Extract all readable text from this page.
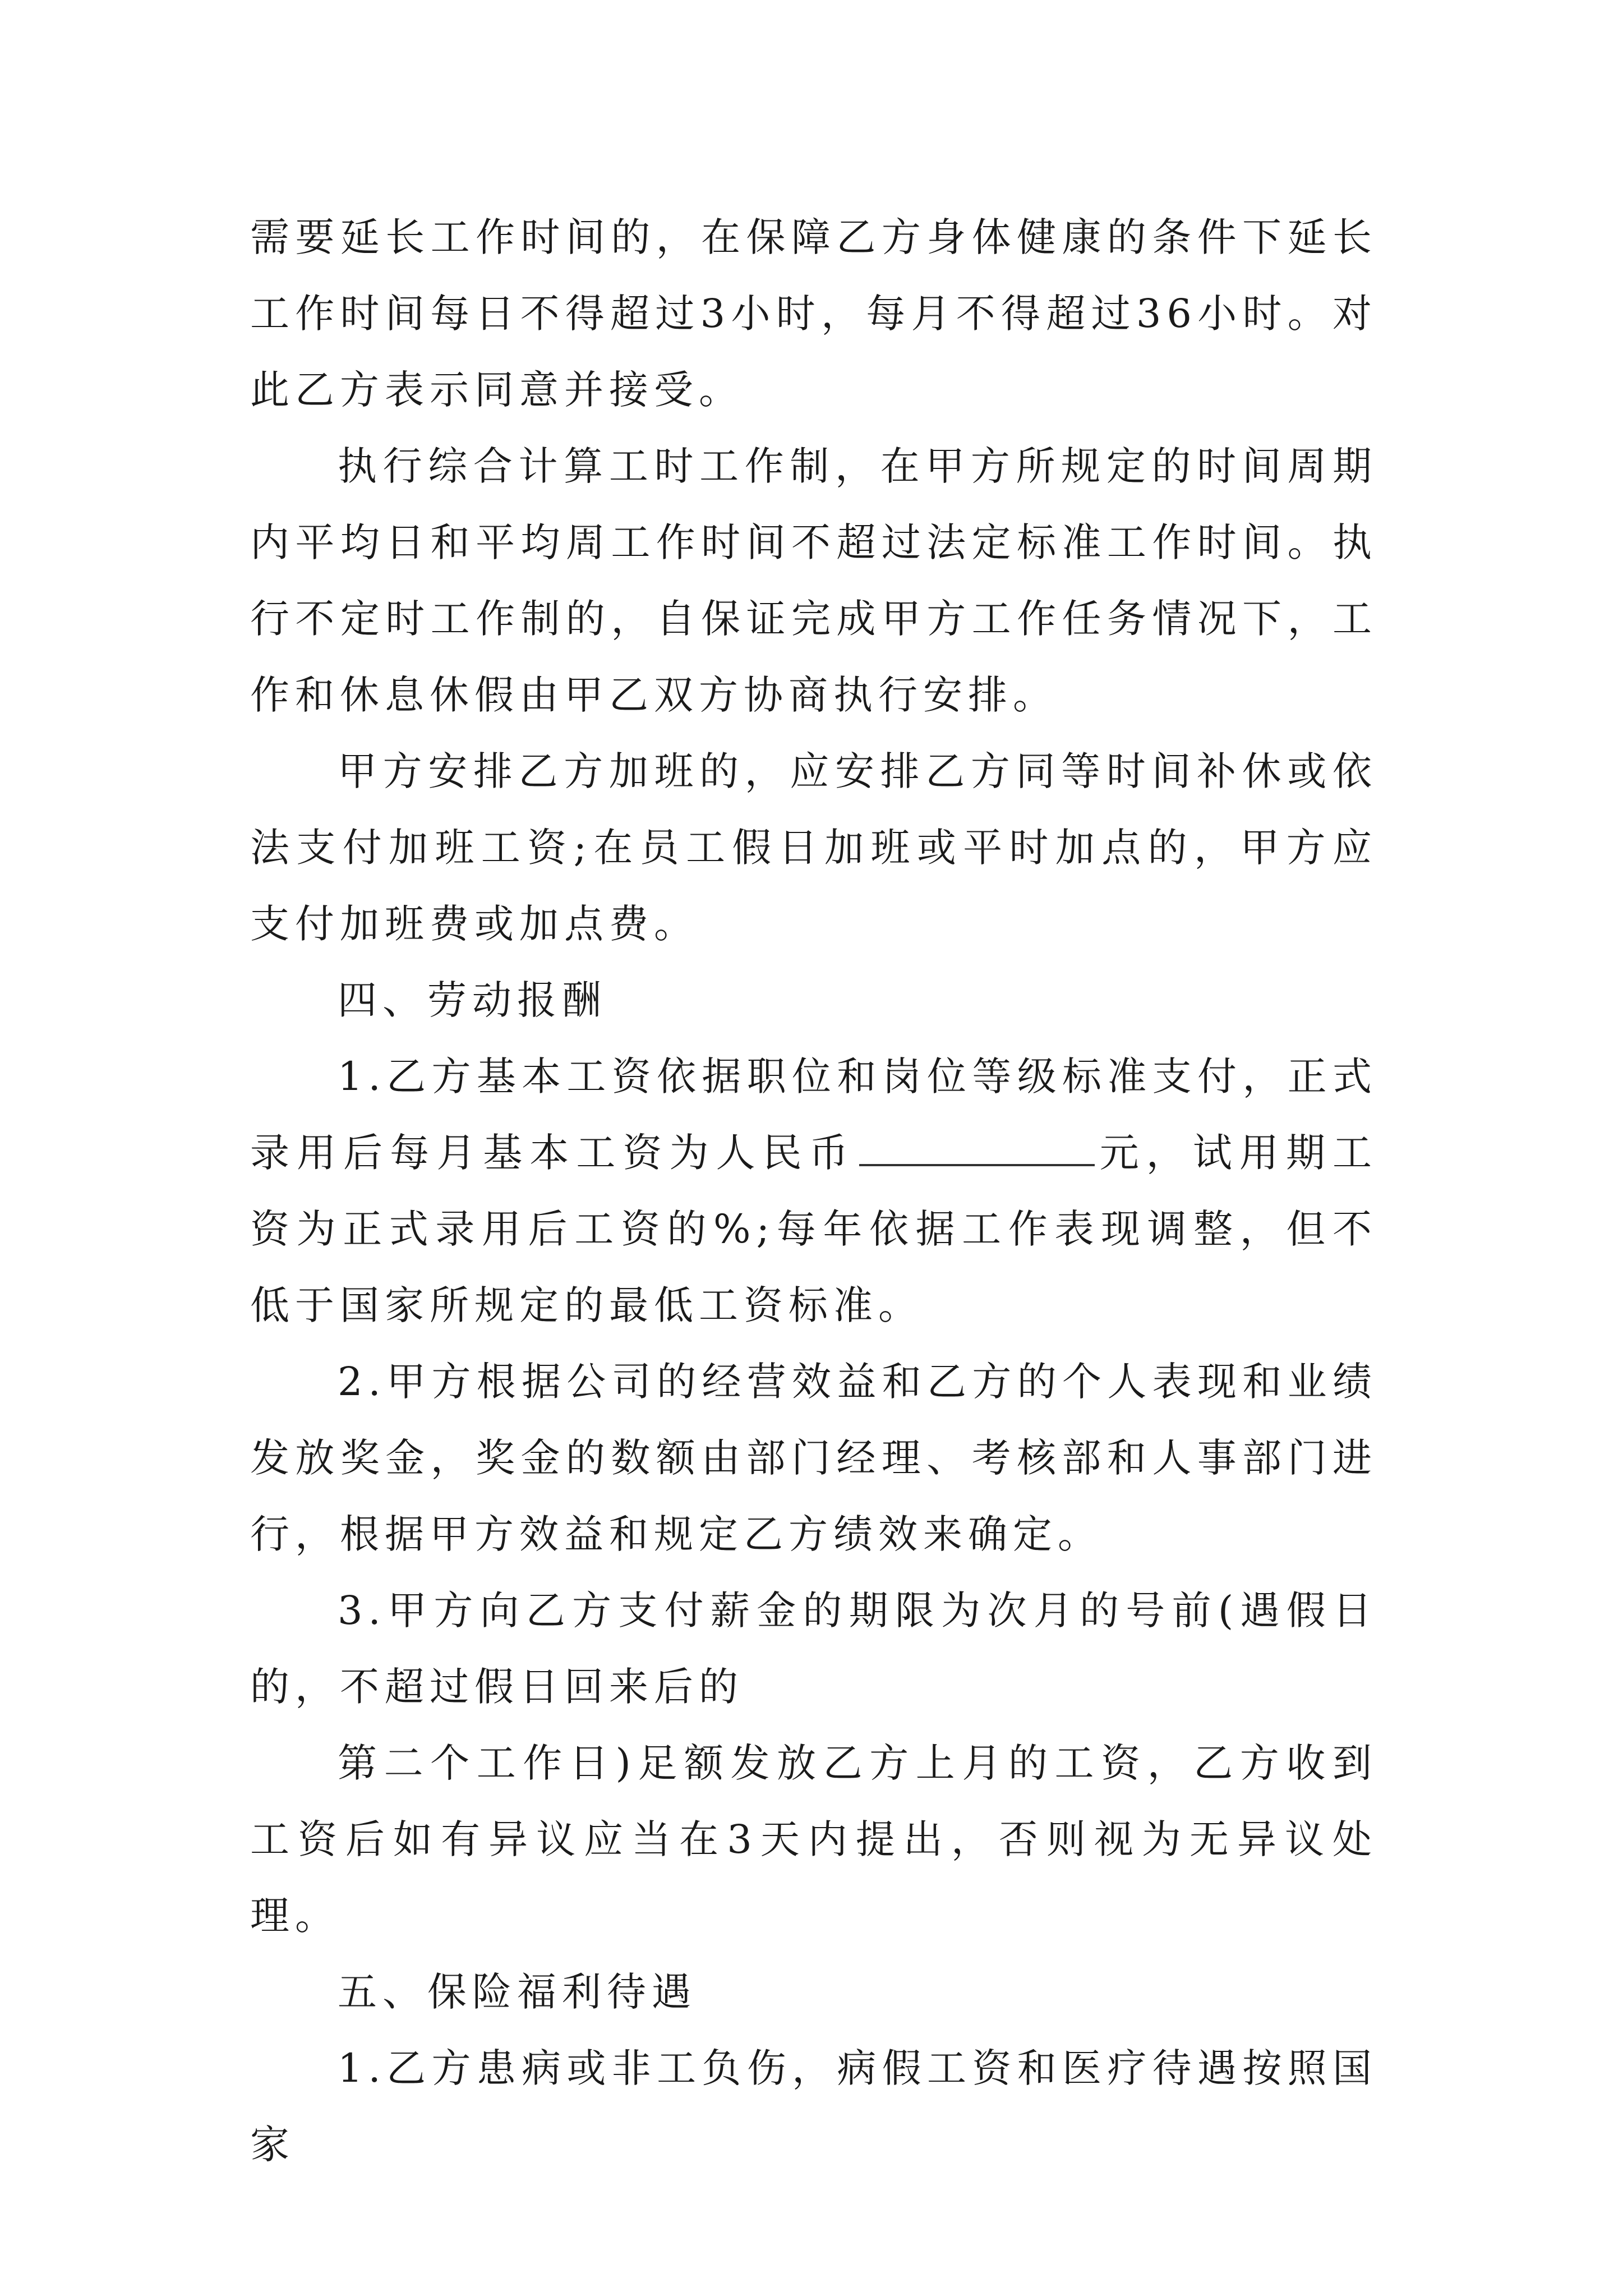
需要延长工作时间的，在保障乙方身体健康的条件下延长工作时间每日不得超过3小时，每月不得超过36小时。对此乙方表示同意并接受。

执行综合计算工时工作制，在甲方所规定的时间周期内平均日和平均周工作时间不超过法定标准工作时间。执行不定时工作制的，自保证完成甲方工作任务情况下，工作和休息休假由甲乙双方协商执行安排。

甲方安排乙方加班的，应安排乙方同等时间补休或依法支付加班工资;在员工假日加班或平时加点的，甲方应支付加班费或加点费。

四、劳动报酬

1.乙方基本工资依据职位和岗位等级标准支付，正式录用后每月基本工资为人民币	元，试用期工资为正式录用后工资的%;每年依据工作表现调整，但不低于国家所规定的最低工资标准。

2.甲方根据公司的经营效益和乙方的个人表现和业绩发放奖金，奖金的数额由部门经理、考核部和人事部门进行，根据甲方效益和规定乙方绩效来确定。

3.甲方向乙方支付薪金的期限为次月的号前(遇假日的，不超过假日回来后的

第二个工作日)足额发放乙方上月的工资，乙方收到工资后如有异议应当在3天内提出，否则视为无异议处理。

五、保险福利待遇

1.乙方患病或非工负伤，病假工资和医疗待遇按照国家
